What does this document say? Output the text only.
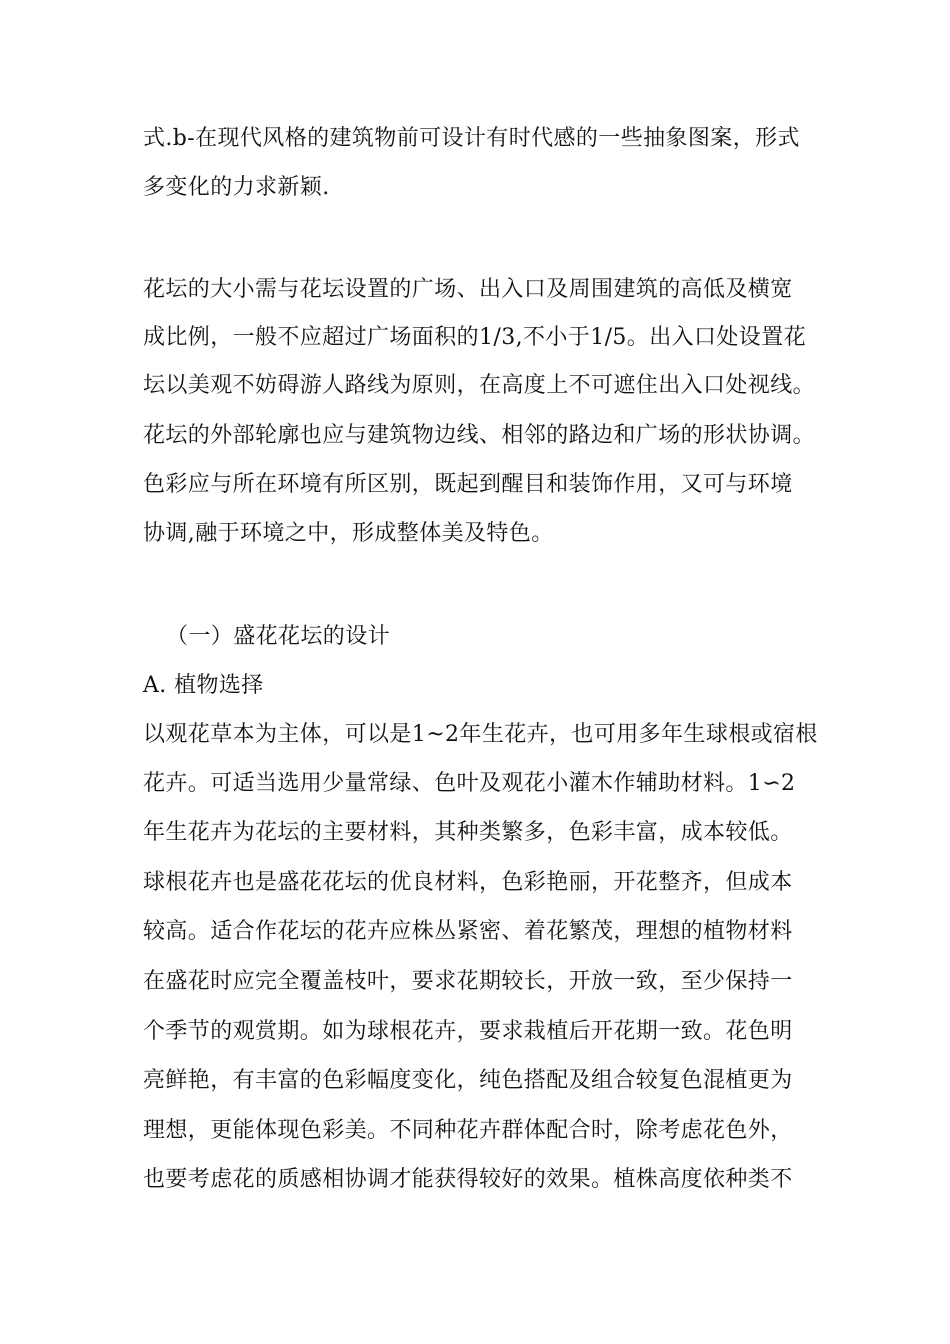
式.b-在现代风格的建筑物前可设计有时代感的一些抽象图案，形式
多变化的力求新颖.
花坛的大小需与花坛设置的广场、出入口及周围建筑的高低及横宽
成比例，一般不应超过广场面积的1/3,不小于1/5。出入口处设置花
坛以美观不妨碍游人路线为原则，在高度上不可遮住出入口处视线。
花坛的外部轮廓也应与建筑物边线、相邻的路边和广场的形状协调。
色彩应与所在环境有所区别，既起到醒目和装饰作用，又可与环境
协调,融于环境之中，形成整体美及特色。
（一）盛花花坛的设计
A. 植物选择
以观花草本为主体，可以是1~2年生花卉，也可用多年生球根或宿根
花卉。可适当选用少量常绿、色叶及观花小灌木作辅助材料。1∽2
年生花卉为花坛的主要材料，其种类繁多，色彩丰富，成本较低。
球根花卉也是盛花花坛的优良材料，色彩艳丽，开花整齐，但成本
较高。适合作花坛的花卉应株丛紧密、着花繁茂，理想的植物材料
在盛花时应完全覆盖枝叶，要求花期较长，开放一致，至少保持一
个季节的观赏期。如为球根花卉，要求栽植后开花期一致。花色明
亮鲜艳，有丰富的色彩幅度变化，纯色搭配及组合较复色混植更为
理想，更能体现色彩美。不同种花卉群体配合时，除考虑花色外，
也要考虑花的质感相协调才能获得较好的效果。植株高度依种类不
